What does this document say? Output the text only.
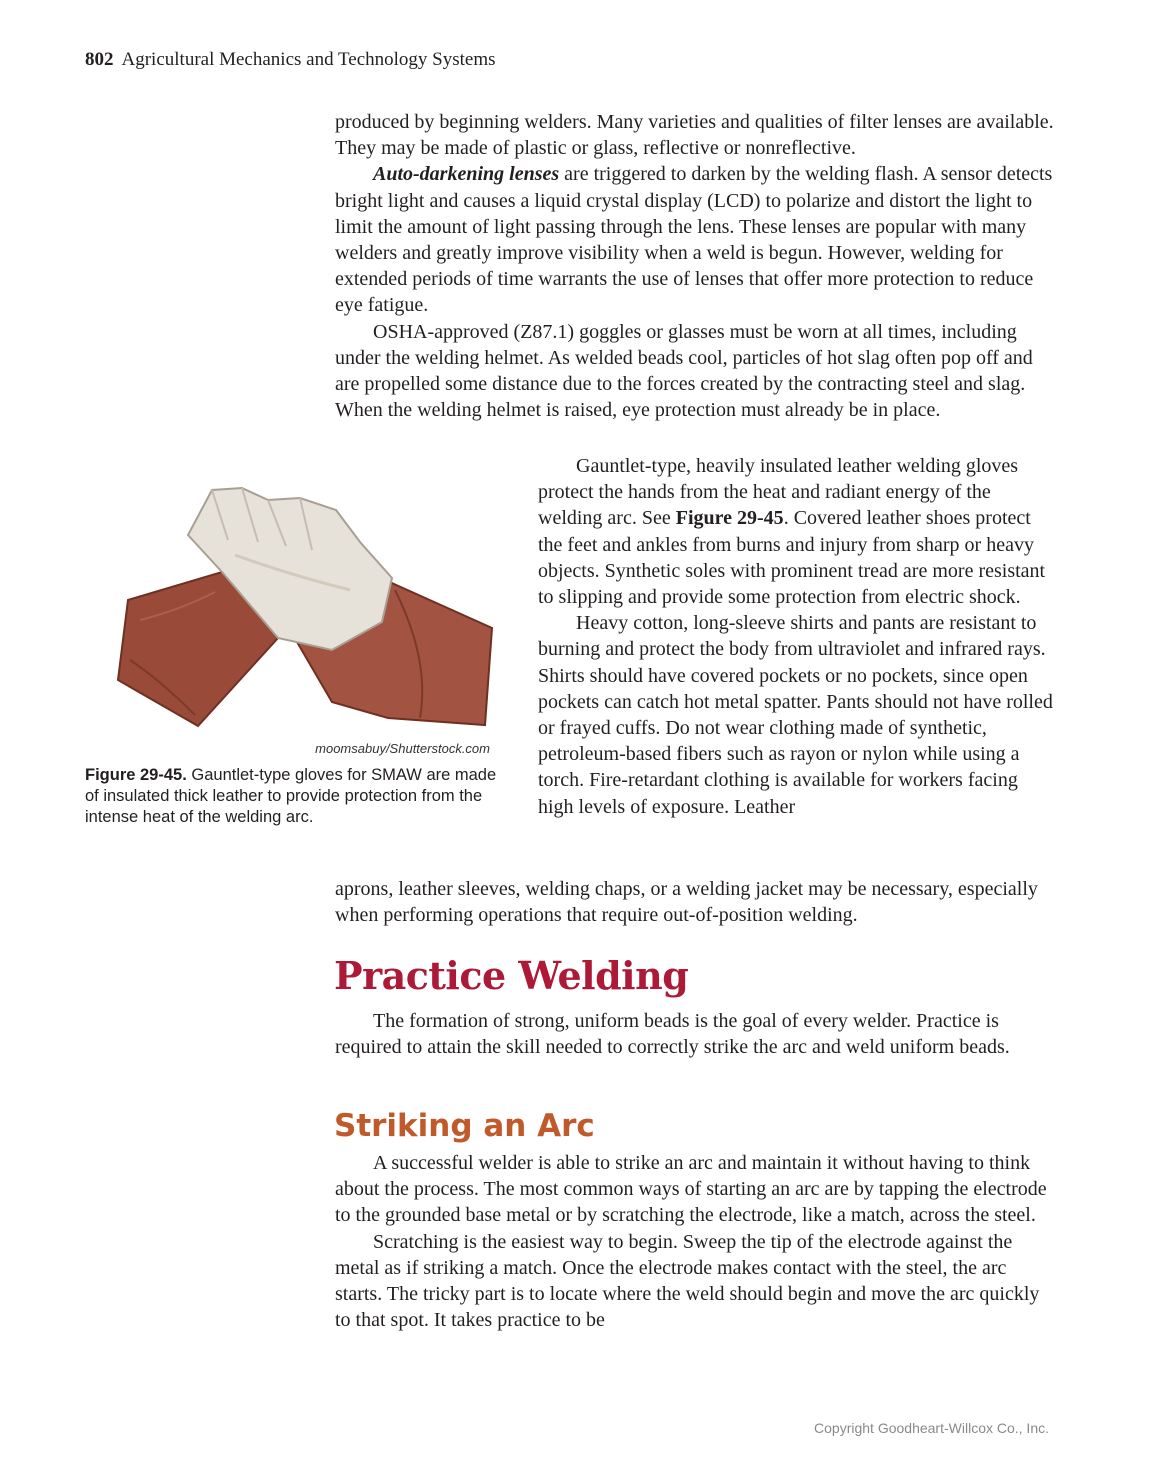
802 Agricultural Mechanics and Technology Systems

produced by beginning welders. Many varieties and qualities of filter lenses are available. They may be made of plastic or glass, reflective or nonreflective.

Auto-darkening lenses are triggered to darken by the welding flash. A sensor detects bright light and causes a liquid crystal display (LCD) to polarize and distort the light to limit the amount of light passing through the lens. These lenses are popular with many welders and greatly improve visibility when a weld is begun. However, welding for extended periods of time warrants the use of lenses that offer more protection to reduce eye fatigue.

OSHA-approved (Z87.1) goggles or glasses must be worn at all times, including under the welding helmet. As welded beads cool, particles of hot slag often pop off and are propelled some distance due to the forces created by the contracting steel and slag. When the welding helmet is raised, eye protection must already be in place.

Gauntlet-type, heavily insulated leather welding gloves protect the hands from the heat and radiant energy of the welding arc. See Figure 29-45. Covered leather shoes protect the feet and ankles from burns and injury from sharp or heavy objects. Synthetic soles with prominent tread are more resistant to slipping and provide some protection from electric shock.

Heavy cotton, long-sleeve shirts and pants are resistant to burning and protect the body from ultraviolet and infrared rays. Shirts should have covered pockets or no pockets, since open pockets can catch hot metal spatter. Pants should not have rolled or frayed cuffs. Do not wear clothing made of synthetic, petroleum-based fibers such as rayon or nylon while using a torch. Fire-retardant clothing is available for workers facing high levels of exposure. Leather

aprons, leather sleeves, welding chaps, or a welding jacket may be necessary, especially when performing operations that require out-of-position welding.

moomsabuy/Shutterstock.com
Figure 29-45. Gauntlet-type gloves for SMAW are made of insulated thick leather to provide protection from the intense heat of the welding arc.
Practice Welding

The formation of strong, uniform beads is the goal of every welder. Practice is required to attain the skill needed to correctly strike the arc and weld uniform beads.

Striking an Arc

A successful welder is able to strike an arc and maintain it without having to think about the process. The most common ways of starting an arc are by tapping the electrode to the grounded base metal or by scratching the electrode, like a match, across the steel.

Scratching is the easiest way to begin. Sweep the tip of the electrode against the metal as if striking a match. Once the electrode makes contact with the steel, the arc starts. The tricky part is to locate where the weld should begin and move the arc quickly to that spot. It takes practice to be

Copyright Goodheart-Willcox Co., Inc.
